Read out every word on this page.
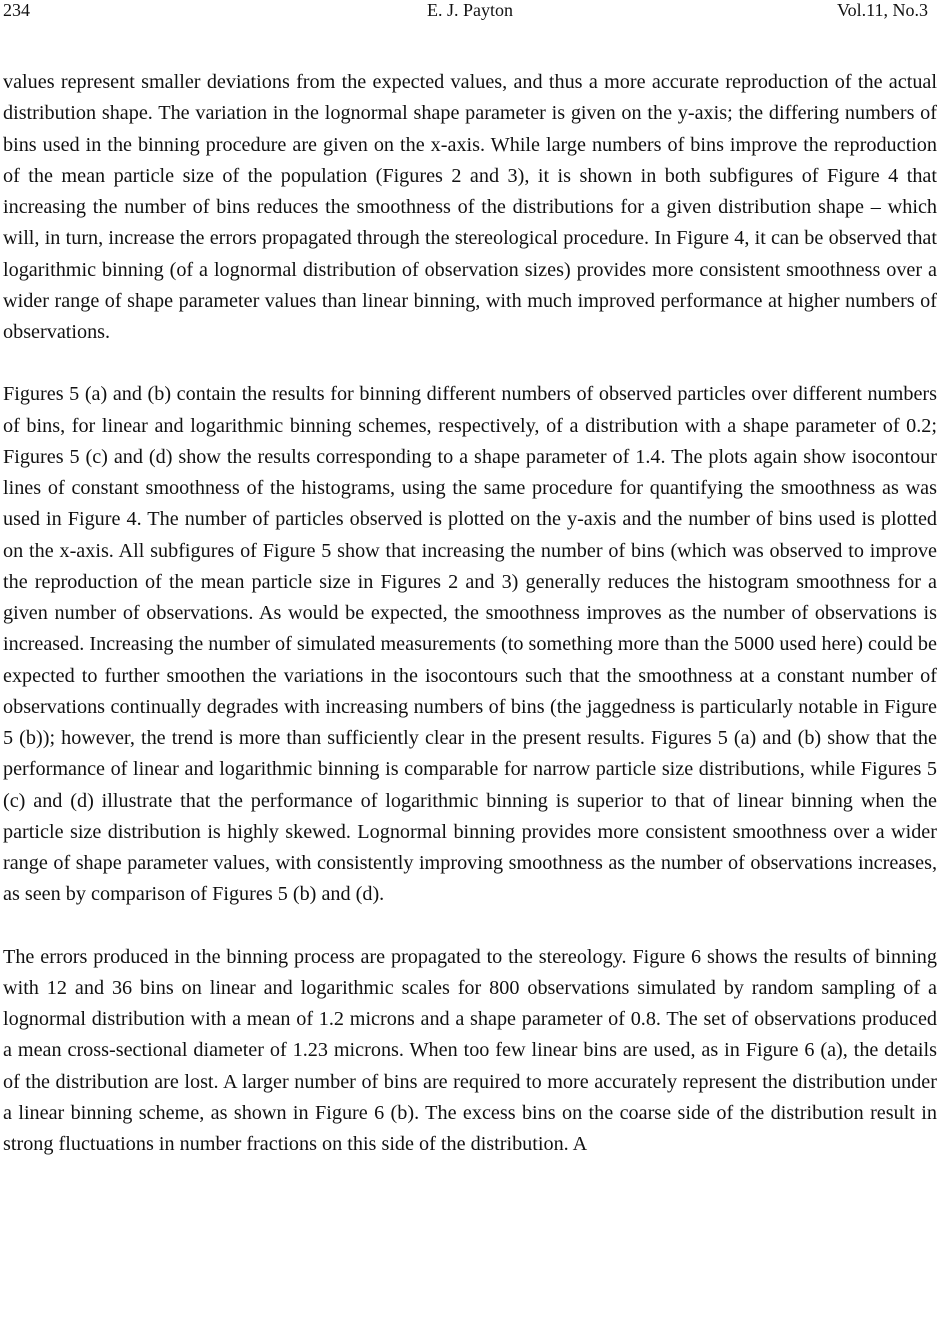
234	E. J. Payton	Vol.11, No.3

values represent smaller deviations from the expected values, and thus a more accurate reproduction of the actual distribution shape. The variation in the lognormal shape parameter is given on the y-axis; the differing numbers of bins used in the binning procedure are given on the x-axis. While large numbers of bins improve the reproduction of the mean particle size of the population (Figures 2 and 3), it is shown in both subfigures of Figure 4 that increasing the number of bins reduces the smoothness of the distributions for a given distribution shape – which will, in turn, increase the errors propagated through the stereological procedure. In Figure 4, it can be observed that logarithmic binning (of a lognormal distribution of observation sizes) provides more consistent smoothness over a wider range of shape parameter values than linear binning, with much improved performance at higher numbers of observations.

Figures 5 (a) and (b) contain the results for binning different numbers of observed particles over different numbers of bins, for linear and logarithmic binning schemes, respectively, of a distribution with a shape parameter of 0.2; Figures 5 (c) and (d) show the results corresponding to a shape parameter of 1.4. The plots again show isocontour lines of constant smoothness of the histograms, using the same procedure for quantifying the smoothness as was used in Figure 4. The number of particles observed is plotted on the y-axis and the number of bins used is plotted on the x-axis. All subfigures of Figure 5 show that increasing the number of bins (which was observed to improve the reproduction of the mean particle size in Figures 2 and 3) generally reduces the histogram smoothness for a given number of observations. As would be expected, the smoothness improves as the number of observations is increased. Increasing the number of simulated measurements (to something more than the 5000 used here) could be expected to further smoothen the variations in the isocontours such that the smoothness at a constant number of observations continually degrades with increasing numbers of bins (the jaggedness is particularly notable in Figure 5 (b)); however, the trend is more than sufficiently clear in the present results. Figures 5 (a) and (b) show that the performance of linear and logarithmic binning is comparable for narrow particle size distributions, while Figures 5 (c) and (d) illustrate that the performance of logarithmic binning is superior to that of linear binning when the particle size distribution is highly skewed. Lognormal binning provides more consistent smoothness over a wider range of shape parameter values, with consistently improving smoothness as the number of observations increases, as seen by comparison of Figures 5 (b) and (d).

The errors produced in the binning process are propagated to the stereology. Figure 6 shows the results of binning with 12 and 36 bins on linear and logarithmic scales for 800 observations simulated by random sampling of a lognormal distribution with a mean of 1.2 microns and a shape parameter of 0.8. The set of observations produced a mean cross-sectional diameter of 1.23 microns. When too few linear bins are used, as in Figure 6 (a), the details of the distribution are lost. A larger number of bins are required to more accurately represent the distribution under a linear binning scheme, as shown in Figure 6 (b). The excess bins on the coarse side of the distribution result in strong fluctuations in number fractions on this side of the distribution. A
